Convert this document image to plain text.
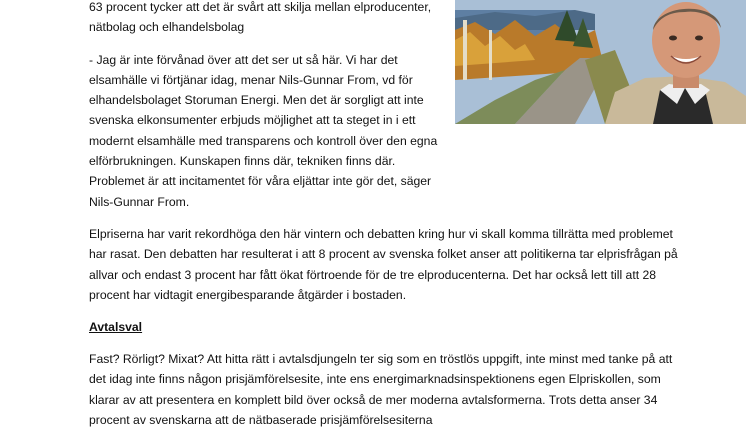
63 procent tycker att det är svårt att skilja mellan elproducenter, nätbolag och elhandelsbolag

- Jag är inte förvånad över att det ser ut så här. Vi har det elsamhälle vi förtjänar idag, menar Nils-Gunnar From, vd för elhandelsbolaget Storuman Energi. Men det är sorgligt att inte svenska elkonsumenter erbjuds möjlighet att ta steget in i ett modernt elsamhälle med transparens och kontroll över den egna elförbrukningen. Kunskapen finns där, tekniken finns där. Problemet är att incitamentet för våra eljättar inte gör det, säger Nils-Gunnar From.

Elpriserna har varit rekordhöga den här vintern och debatten kring hur vi skall komma tillrätta med problemet har rasat. Den debatten har resulterat i att 8 procent av svenska folket anser att politikerna tar elprisfrågan på allvar och endast 3 procent har fått ökat förtroende för de tre elproducenterna. Det har också lett till att 28 procent har vidtagit energibesparande åtgärder i bostaden.

Avtalsval

Fast? Rörligt? Mixat? Att hitta rätt i avtalsdjungeln ter sig som en tröstlös uppgift, inte minst med tanke på att det idag inte finns någon prisjämförelsesite, inte ens energimarknadsinspektionens egen Elpriskollen, som klarar av att presentera en komplett bild över också de mer moderna avtalsformerna. Trots detta anser 34 procent av svenskarna att de nätbaserade prisjämförelsesiterna
